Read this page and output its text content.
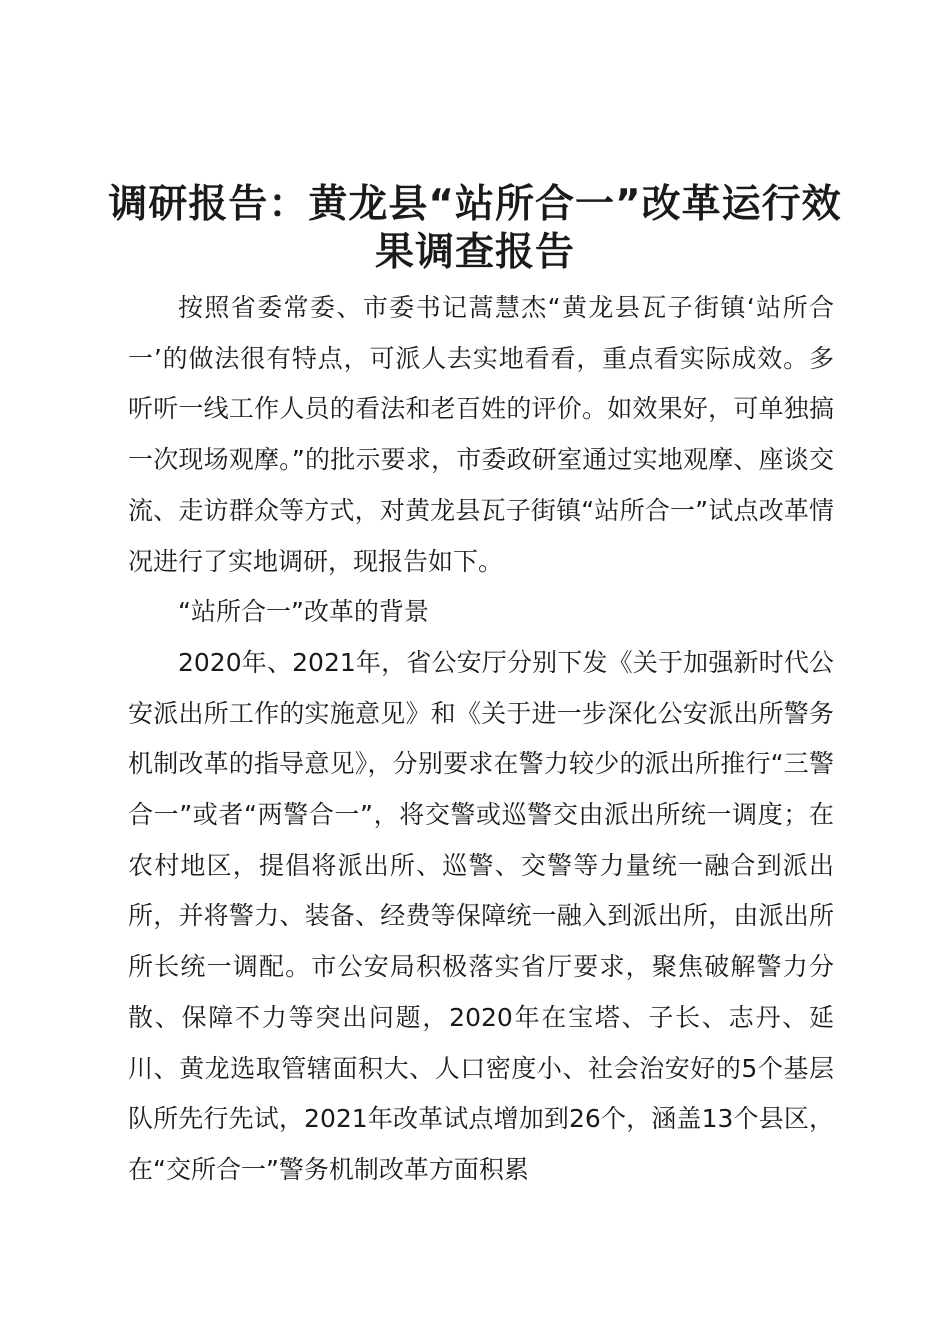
调研报告：黄龙县“站所合一”改革运行效果调查报告

按照省委常委、市委书记蒿慧杰“黄龙县瓦子街镇‘站所合一’的做法很有特点，可派人去实地看看，重点看实际成效。多听听一线工作人员的看法和老百姓的评价。如效果好，可单独搞一次现场观摩。”的批示要求，市委政研室通过实地观摩、座谈交流、走访群众等方式，对黄龙县瓦子街镇“站所合一”试点改革情况进行了实地调研，现报告如下。

“站所合一”改革的背景

2020年、2021年，省公安厅分别下发《关于加强新时代公安派出所工作的实施意见》和《关于进一步深化公安派出所警务机制改革的指导意见》，分别要求在警力较少的派出所推行“三警合一”或者“两警合一”，将交警或巡警交由派出所统一调度；在农村地区，提倡将派出所、巡警、交警等力量统一融合到派出所，并将警力、装备、经费等保障统一融入到派出所，由派出所所长统一调配。市公安局积极落实省厅要求，聚焦破解警力分散、保障不力等突出问题，2020年在宝塔、子长、志丹、延川、黄龙选取管辖面积大、人口密度小、社会治安好的5个基层队所先行先试，2021年改革试点增加到26个，涵盖13个县区，在“交所合一”警务机制改革方面积累
